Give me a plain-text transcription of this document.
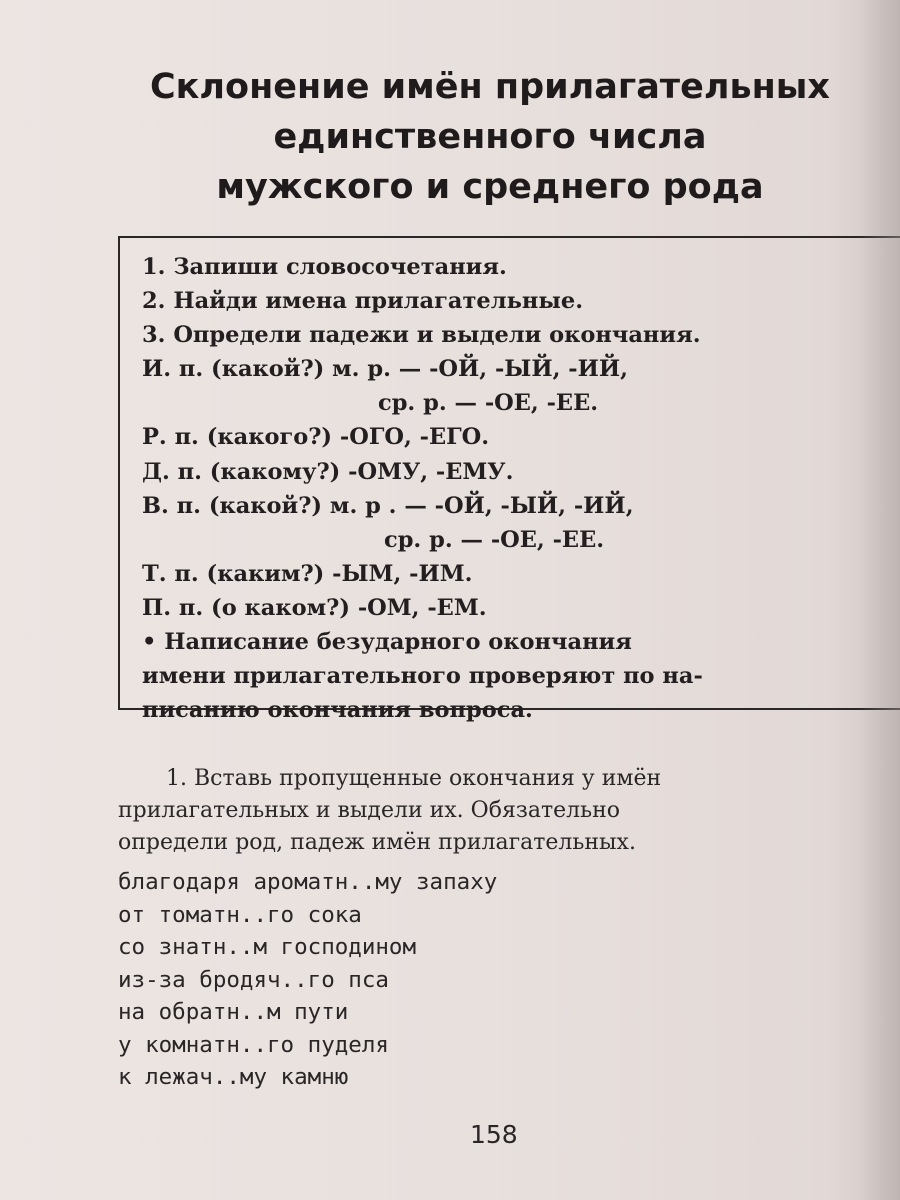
Склонение имён прилагательных
единственного числа
мужского и среднего рода
1. Запиши словосочетания.
2. Найди имена прилагательные.
3. Определи падежи и выдели окончания.
И. п. (какой?) м. р. — -ОЙ, -ЫЙ, -ИЙ,
ср. р. — -ОЕ, -ЕЕ.
Р. п. (какого?) -ОГО, -ЕГО.
Д. п. (какому?) -ОМУ, -ЕМУ.
В. п. (какой?) м. р . — -ОЙ, -ЫЙ, -ИЙ,
ср. р. — -ОЕ, -ЕЕ.
Т. п. (каким?) -ЫМ, -ИМ.
П. п. (о каком?) -ОМ, -ЕМ.
• Написание безударного окончания
имени прилагательного проверяют по на-
писанию окончания вопроса.
1. Вставь пропущенные окончания у имён
прилагательных и выдели их. Обязательно
определи род, падеж имён прилагательных.
благодаря ароматн..му запаху
от томатн..го сока
со знатн..м господином
из-за бродяч..го пса
на обратн..м пути
у комнатн..го пуделя
к лежач..му камню
158
